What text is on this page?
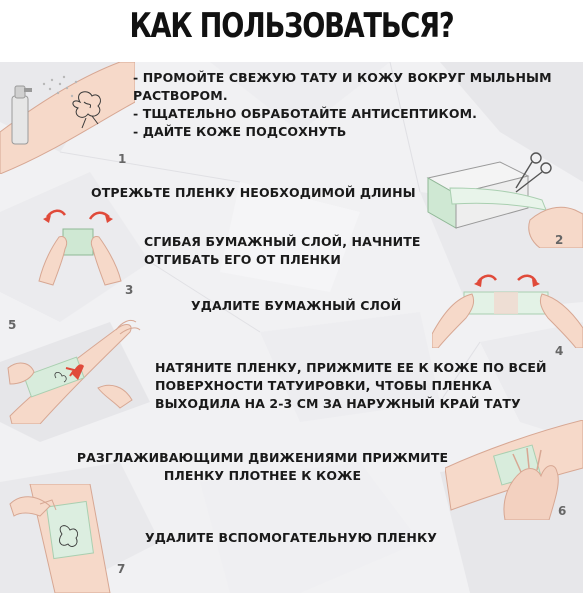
КАК ПОЛЬЗОВАТЬСЯ?
1
- ПРОМОЙТЕ СВЕЖУЮ ТАТУ И КОЖУ ВОКРУГ МЫЛЬНЫМ
РАСТВОРОМ.
- ТЩАТЕЛЬНО ОБРАБОТАЙТЕ АНТИСЕПТИКОМ.
- ДАЙТЕ КОЖЕ ПОДСОХНУТЬ
ОТРЕЖЬТЕ ПЛЕНКУ НЕОБХОДИМОЙ ДЛИНЫ
2
3
СГИБАЯ БУМАЖНЫЙ СЛОЙ, НАЧНИТЕ
ОТГИБАТЬ ЕГО ОТ ПЛЕНКИ
УДАЛИТЕ БУМАЖНЫЙ СЛОЙ
4
5
НАТЯНИТЕ ПЛЕНКУ, ПРИЖМИТЕ ЕЕ К КОЖЕ ПО ВСЕЙ
ПОВЕРХНОСТИ ТАТУИРОВКИ, ЧТОБЫ ПЛЕНКА
ВЫХОДИЛА НА 2-3 СМ ЗА НАРУЖНЫЙ КРАЙ ТАТУ
РАЗГЛАЖИВАЮЩИМИ ДВИЖЕНИЯМИ ПРИЖМИТЕ
ПЛЕНКУ ПЛОТНЕЕ К КОЖЕ
6
7
УДАЛИТЕ ВСПОМОГАТЕЛЬНУЮ ПЛЕНКУ
